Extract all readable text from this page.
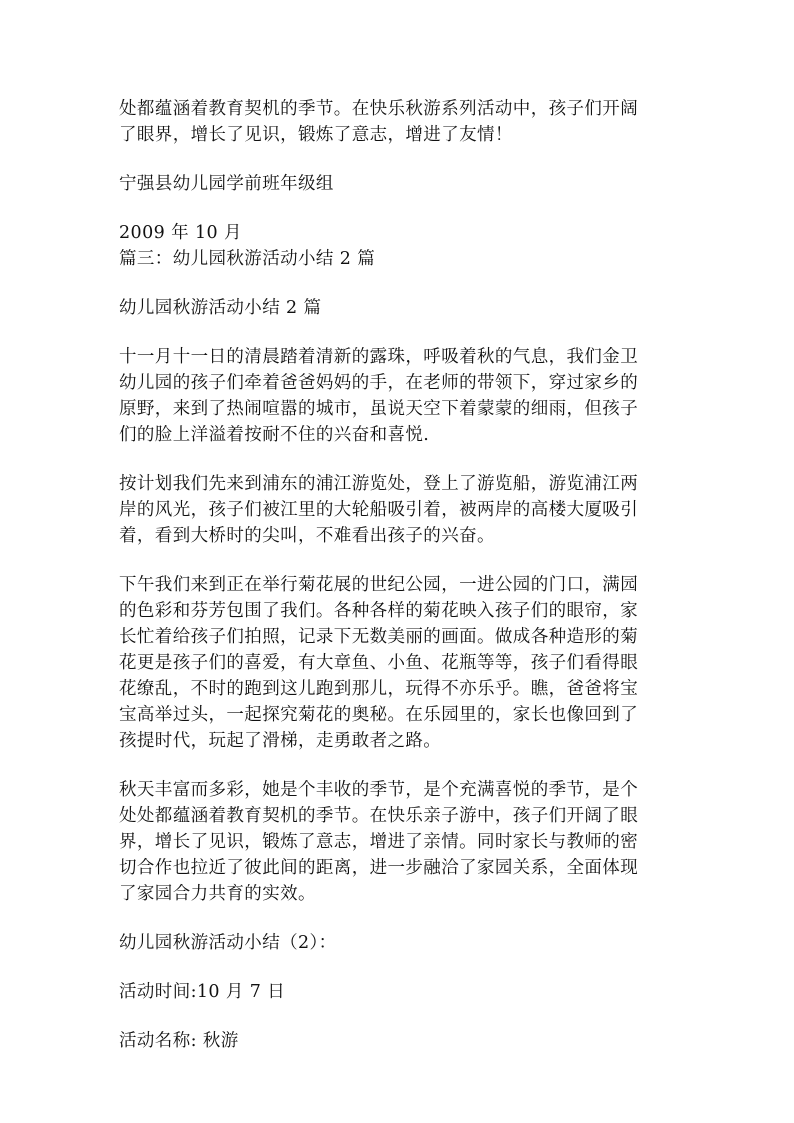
处都蕴涵着教育契机的季节。在快乐秋游系列活动中，孩子们开阔
了眼界，增长了见识，锻炼了意志，增进了友情！

宁强县幼儿园学前班年级组

2009 年 10 月
篇三：幼儿园秋游活动小结 2 篇

幼儿园秋游活动小结 2 篇

十一月十一日的清晨踏着清新的露珠，呼吸着秋的气息，我们金卫
幼儿园的孩子们牵着爸爸妈妈的手，在老师的带领下，穿过家乡的
原野，来到了热闹喧嚣的城市，虽说天空下着蒙蒙的细雨，但孩子
们的脸上洋溢着按耐不住的兴奋和喜悦.

按计划我们先来到浦东的浦江游览处，登上了游览船，游览浦江两
岸的风光，孩子们被江里的大轮船吸引着，被两岸的高楼大厦吸引
着，看到大桥时的尖叫，不难看出孩子的兴奋。

下午我们来到正在举行菊花展的世纪公园，一进公园的门口，满园
的色彩和芬芳包围了我们。各种各样的菊花映入孩子们的眼帘，家
长忙着给孩子们拍照，记录下无数美丽的画面。做成各种造形的菊
花更是孩子们的喜爱，有大章鱼、小鱼、花瓶等等，孩子们看得眼
花缭乱，不时的跑到这儿跑到那儿，玩得不亦乐乎。瞧，爸爸将宝
宝高举过头，一起探究菊花的奥秘。在乐园里的，家长也像回到了
孩提时代，玩起了滑梯，走勇敢者之路。

秋天丰富而多彩，她是个丰收的季节，是个充满喜悦的季节，是个
处处都蕴涵着教育契机的季节。在快乐亲子游中，孩子们开阔了眼
界，增长了见识，锻炼了意志，增进了亲情。同时家长与教师的密
切合作也拉近了彼此间的距离，进一步融洽了家园关系，全面体现
了家园合力共育的实效。

幼儿园秋游活动小结（2）：

活动时间:10 月 7 日

活动名称: 秋游
